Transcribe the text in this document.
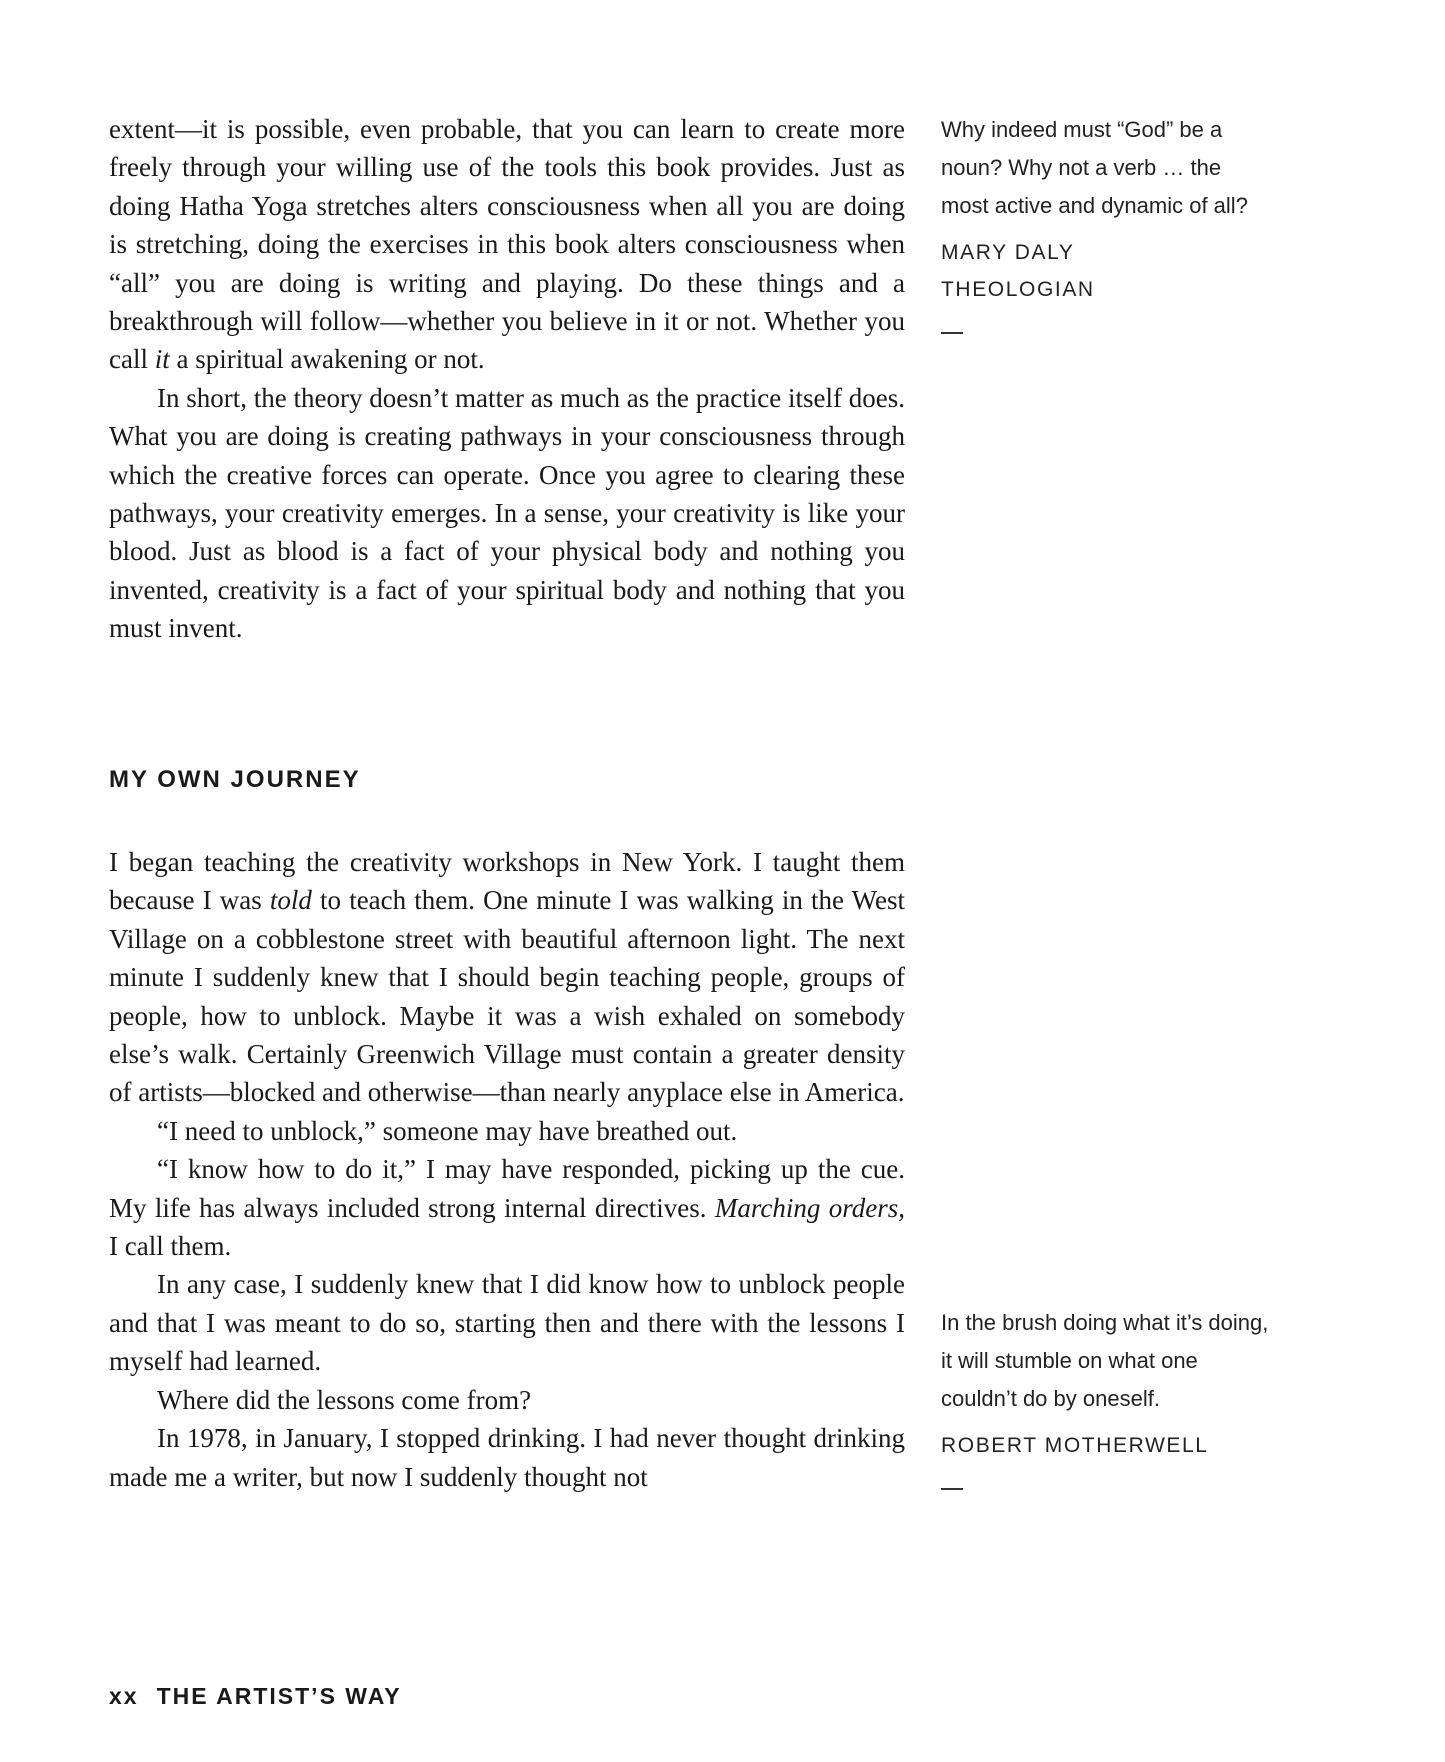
extent—it is possible, even probable, that you can learn to create more freely through your willing use of the tools this book provides. Just as doing Hatha Yoga stretches alters consciousness when all you are doing is stretching, doing the exercises in this book alters consciousness when “all” you are doing is writing and playing. Do these things and a breakthrough will follow—whether you believe in it or not. Whether you call it a spiritual awakening or not.

In short, the theory doesn’t matter as much as the practice itself does. What you are doing is creating pathways in your consciousness through which the creative forces can operate. Once you agree to clearing these pathways, your creativity emerges. In a sense, your creativity is like your blood. Just as blood is a fact of your physical body and nothing you invented, creativity is a fact of your spiritual body and nothing that you must invent.

MY OWN JOURNEY

I began teaching the creativity workshops in New York. I taught them because I was told to teach them. One minute I was walking in the West Village on a cobblestone street with beautiful afternoon light. The next minute I suddenly knew that I should begin teaching people, groups of people, how to unblock. Maybe it was a wish exhaled on somebody else’s walk. Certainly Greenwich Village must contain a greater density of artists—blocked and otherwise—than nearly anyplace else in America.

“I need to unblock,” someone may have breathed out.

“I know how to do it,” I may have responded, picking up the cue. My life has always included strong internal directives. Marching orders, I call them.

In any case, I suddenly knew that I did know how to unblock people and that I was meant to do so, starting then and there with the lessons I myself had learned.

Where did the lessons come from?

In 1978, in January, I stopped drinking. I had never thought drinking made me a writer, but now I suddenly thought not

Why indeed must “God” be a noun? Why not a verb … the most active and dynamic of all?

MARY DALY

THEOLOGIAN

In the brush doing what it’s doing, it will stumble on what one couldn’t do by oneself.

ROBERT MOTHERWELL

xx THE ARTIST’S WAY
